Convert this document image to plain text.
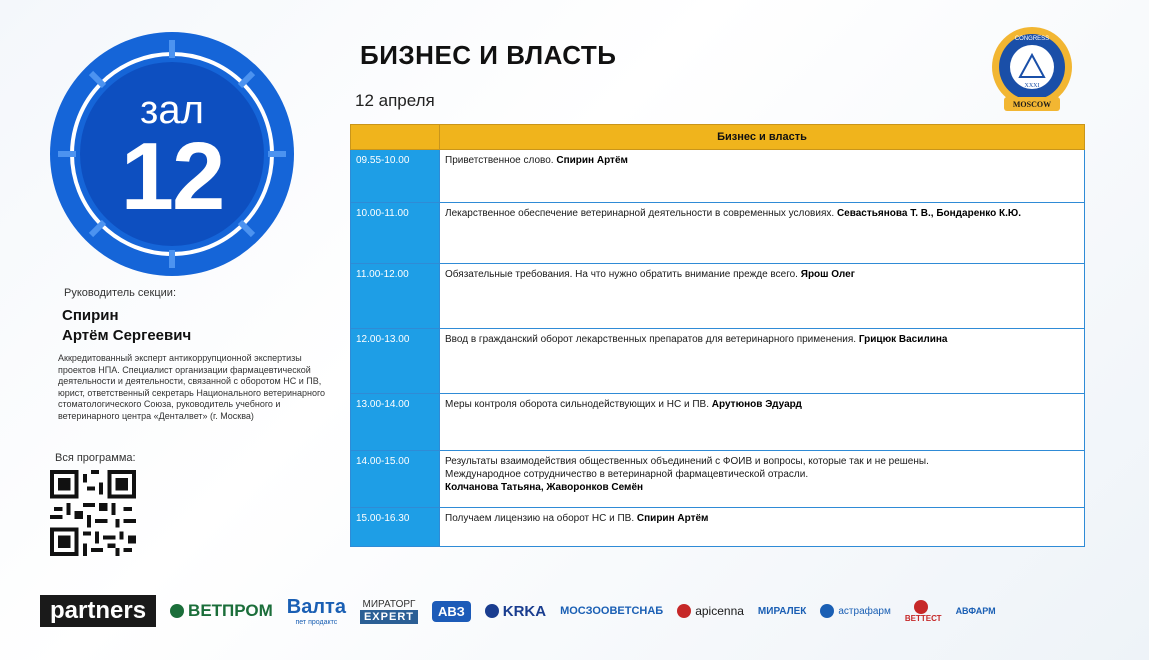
зал
12
Руководитель секции:
Спирин
Артём Сергеевич
Аккредитованный эксперт антикоррупционной экспертизы проектов НПА. Специалист организации фармацевтической деятельности и деятельности, связанной с оборотом НС и ПВ, юрист, ответственный секретарь Национального ветеринарного стоматологического Союза, руководитель учебного и ветеринарного центра «Денталвет» (г. Москва)
Вся программа:
БИЗНЕС И ВЛАСТЬ
12 апреля	MOSCOW
CONGRESS
XXXI
	Бизнес и власть
09.55-10.00	Приветственное слово. Спирин Артём
10.00-11.00	Лекарственное обеспечение ветеринарной деятельности в современных условиях. Севастьянова Т. В., Бондаренко К.Ю.
11.00-12.00	Обязательные требования. На что нужно обратить внимание прежде всего. Ярош Олег
12.00-13.00	Ввод в гражданский оборот лекарственных препаратов для ветеринарного применения. Грицюк Василина
13.00-14.00	Меры контроля оборота сильнодействующих и НС и ПВ. Арутюнов Эдуард
14.00-15.00	Результаты взаимодействия общественных объединений с ФОИВ и вопросы, которые так и не решены.
Международное сотрудничество в ветеринарной фармацевтической отрасли.
Колчанова Татьяна, Жаворонков Семён

15.00-16.30	Получаем лицензию на оборот НС и ПВ. Спирин Артём
partners	ВЕТПРОМ Валта
пет продактс
МИРАТОРГ
EXPERT	АВЗ	KRKA МОСЗООВЕТСНАБ	apicenna МИРАЛЕК	астрафарм
ВЕТТЕСТ
АВФАРМ
